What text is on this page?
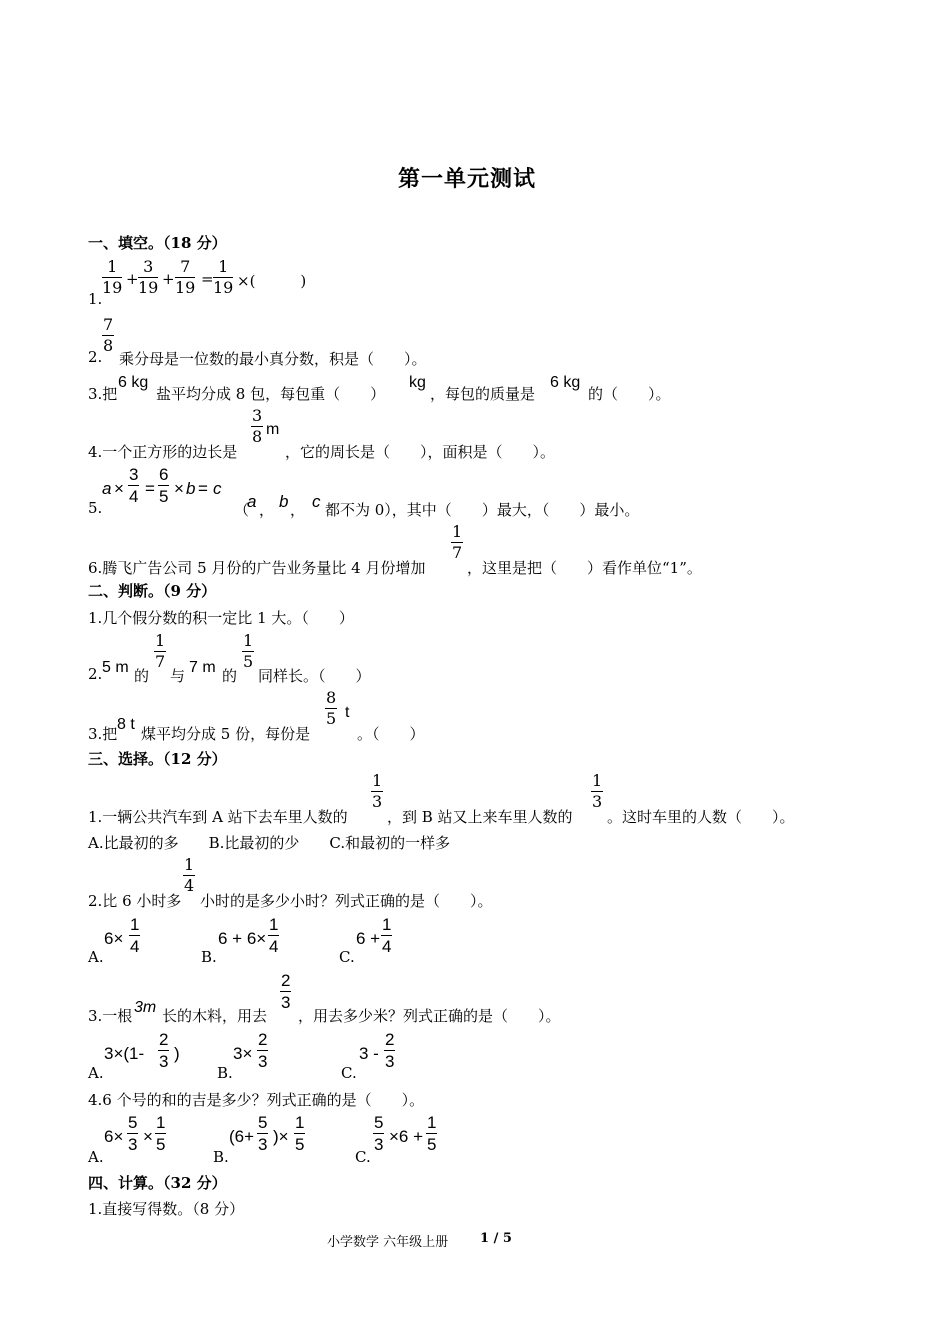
第一单元测试
一、填空。（18 分）
1.
$\frac{1}{19} + \frac{3}{19} + \frac{7}{19} = \frac{1}{19}$ ×(　　　)
2.
$\frac{7}{8}$
乘分母是一位数的最小真分数，积是（　　）。
3.把
6 kg
盐平均分成 8 包，每包重（　　）
kg
，每包的质量是
6 kg
的（　　）。
4.一个正方形的边长是
$\frac{3}{8}$ m
，它的周长是（　　），面积是（　　）。
5.
$a \times \frac{3}{4} = \frac{6}{5} \times b = c$
（
a ， b ， c 都不为 0），其中（　　）最大，（　　）最小。
6.腾飞广告公司 5 月份的广告业务量比 4 月份增加
$\frac{1}{7}$
，这里是把（　　）看作单位“1”。
二、判断。（9 分）
1.几个假分数的积一定比 1 大。（　　）
2. 5 m 的
$\frac{1}{7}$
与 7 m 的
$\frac{1}{5}$
同样长。（　　）
3.把
8 t
煤平均分成 5 份，每份是
$\frac{8}{5}$ t
。（　　）
三、选择。（12 分）
1.一辆公共汽车到 A 站下去车里人数的
$\frac{1}{3}$
，到 B 站又上来车里人数的
$\frac{1}{3}$
。这时车里的人数（　　）。
A.比最初的多　　B.比最初的少　　C.和最初的一样多
2.比 6 小时多
$\frac{1}{4}$
小时的是多少小时？列式正确的是（　　）。
A.
$6\times \frac{1}{4}$
B.
$6 + 6\times \frac{1}{4}$
C.
$6 + \frac{1}{4}$
3.一根 3m 长的木料，用去
$\frac{2}{3}$
，用去多少米？列式正确的是（　　）。
A.
$3\times(1- \frac{2}{3}$ )
B.
$3\times \frac{2}{3}$
C.
$3 - \frac{2}{3}$
4.6 个号的和的吉是多少？列式正确的是（　　）。
A.
$6\times \frac{5}{3} \times \frac{1}{5}$
B.
($6+ \frac{5}{3}$ )× $\frac{1}{5}$
C.
$\frac{5}{3} \times 6 + \frac{1}{5}$
四、计算。（32 分）
1.直接写得数。（8 分）
小学数学 六年级上册 1 / 5
